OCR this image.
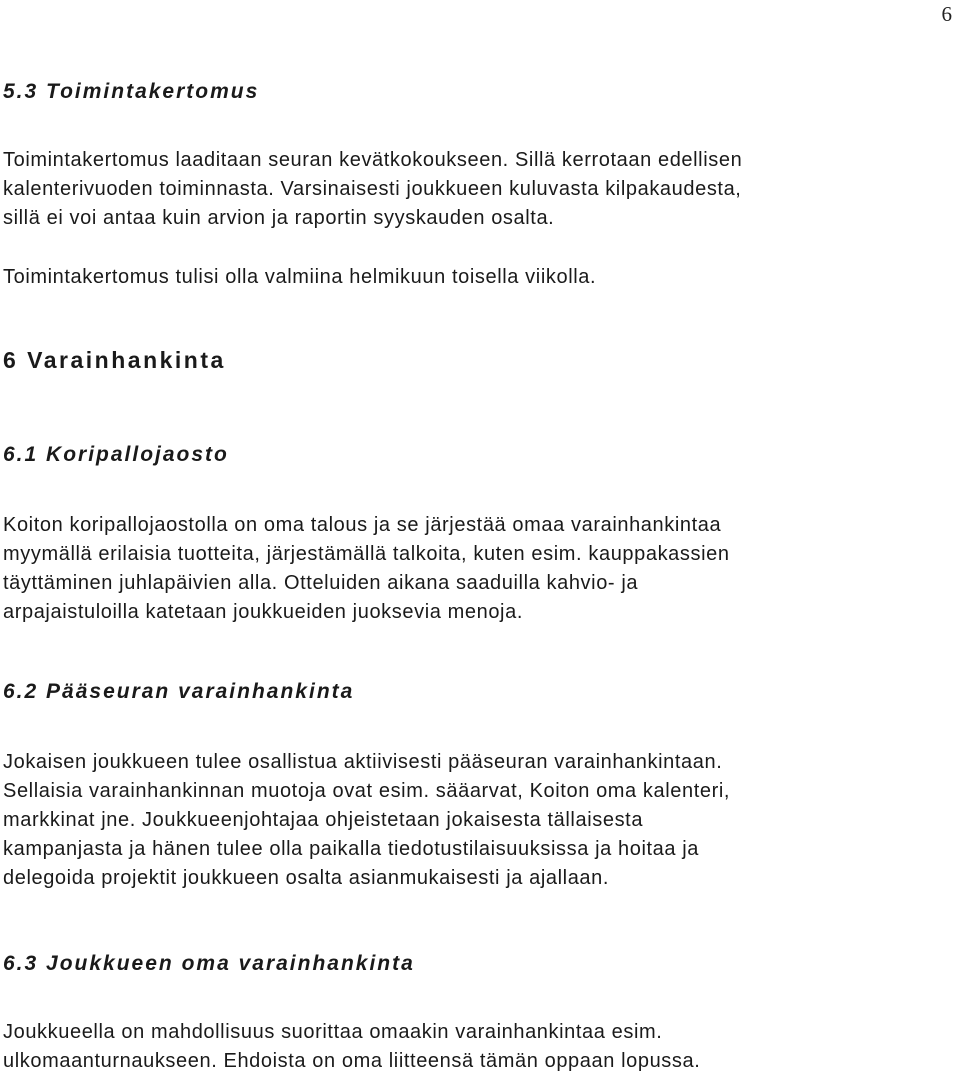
6
5.3 Toimintakertomus

Toimintakertomus laaditaan seuran kevätkokoukseen. Sillä kerrotaan edellisen
kalenterivuoden toiminnasta. Varsinaisesti joukkueen kuluvasta kilpakaudesta,
sillä ei voi antaa kuin arvion ja raportin syyskauden osalta.

Toimintakertomus tulisi olla valmiina helmikuun toisella viikolla.

6 Varainhankinta
6.1 Koripallojaosto

Koiton koripallojaostolla on oma talous ja se järjestää omaa varainhankintaa
myymällä erilaisia tuotteita, järjestämällä talkoita, kuten esim. kauppakassien
täyttäminen juhlapäivien alla. Otteluiden aikana saaduilla kahvio- ja
arpajaistuloilla katetaan joukkueiden juoksevia menoja.

6.2 Pääseuran varainhankinta

Jokaisen joukkueen tulee osallistua aktiivisesti pääseuran varainhankintaan.
Sellaisia varainhankinnan muotoja ovat esim. sääarvat, Koiton oma kalenteri,
markkinat jne. Joukkueenjohtajaa ohjeistetaan jokaisesta tällaisesta
kampanjasta ja hänen tulee olla paikalla tiedotustilaisuuksissa ja hoitaa ja
delegoida projektit joukkueen osalta asianmukaisesti ja ajallaan.

6.3 Joukkueen oma varainhankinta

Joukkueella on mahdollisuus suorittaa omaakin varainhankintaa esim.
ulkomaanturnaukseen. Ehdoista on oma liitteensä tämän oppaan lopussa.
